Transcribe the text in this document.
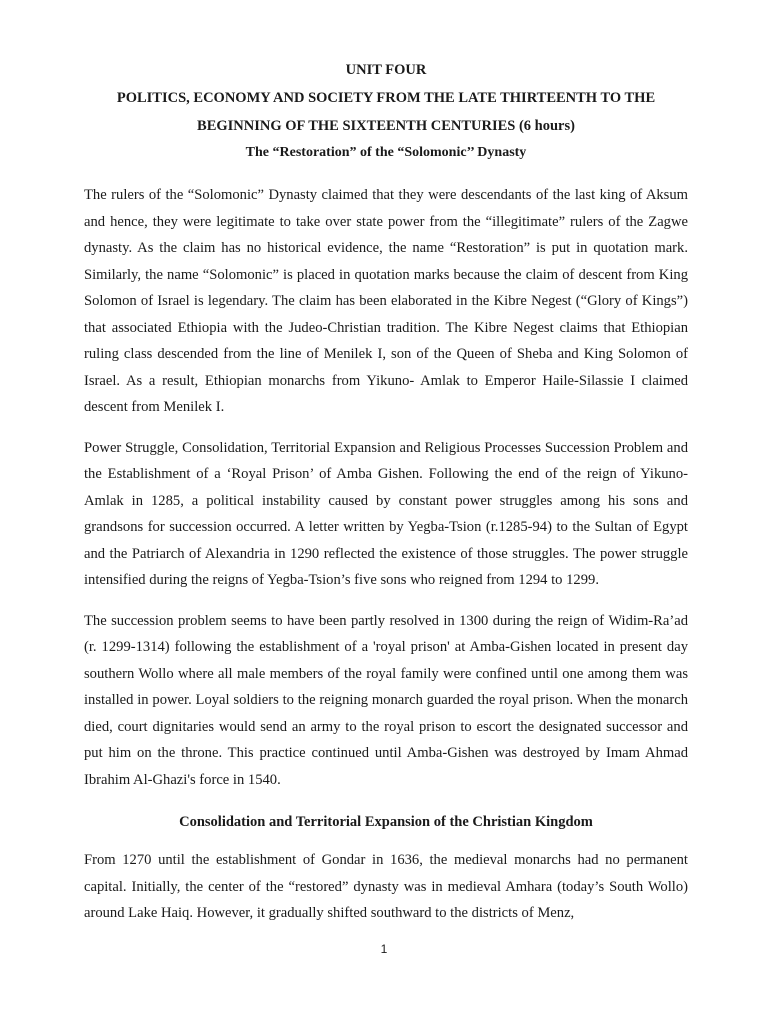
UNIT FOUR
POLITICS, ECONOMY AND SOCIETY FROM THE LATE THIRTEENTH TO THE
BEGINNING OF THE SIXTEENTH CENTURIES (6 hours)
The “Restoration” of the “Solomonic’’ Dynasty

The rulers of the “Solomonic” Dynasty claimed that they were descendants of the last king of Aksum and hence, they were legitimate to take over state power from the “illegitimate” rulers of the Zagwe dynasty. As the claim has no historical evidence, the name “Restoration” is put in quotation mark. Similarly, the name “Solomonic” is placed in quotation marks because the claim of descent from King Solomon of Israel is legendary. The claim has been elaborated in the Kibre Negest (“Glory of Kings”) that associated Ethiopia with the Judeo-Christian tradition. The Kibre Negest claims that Ethiopian ruling class descended from the line of Menilek I, son of the Queen of Sheba and King Solomon of Israel. As a result, Ethiopian monarchs from Yikuno- Amlak to Emperor Haile-Silassie I claimed descent from Menilek I.

Power Struggle, Consolidation, Territorial Expansion and Religious Processes Succession Problem and the Establishment of a ‘Royal Prison’ of Amba Gishen. Following the end of the reign of Yikuno-Amlak in 1285, a political instability caused by constant power struggles among his sons and grandsons for succession occurred. A letter written by Yegba-Tsion (r.1285-94) to the Sultan of Egypt and the Patriarch of Alexandria in 1290 reflected the existence of those struggles. The power struggle intensified during the reigns of Yegba-Tsion’s five sons who reigned from 1294 to 1299.

The succession problem seems to have been partly resolved in 1300 during the reign of Widim-Ra’ad (r. 1299-1314) following the establishment of a 'royal prison' at Amba-Gishen located in present day southern Wollo where all male members of the royal family were confined until one among them was installed in power. Loyal soldiers to the reigning monarch guarded the royal prison. When the monarch died, court dignitaries would send an army to the royal prison to escort the designated successor and put him on the throne. This practice continued until Amba-Gishen was destroyed by Imam Ahmad Ibrahim Al-Ghazi's force in 1540.

Consolidation and Territorial Expansion of the Christian Kingdom

From 1270 until the establishment of Gondar in 1636, the medieval monarchs had no permanent capital. Initially, the center of the “restored” dynasty was in medieval Amhara (today’s South Wollo) around Lake Haiq. However, it gradually shifted southward to the districts of Menz,

1
